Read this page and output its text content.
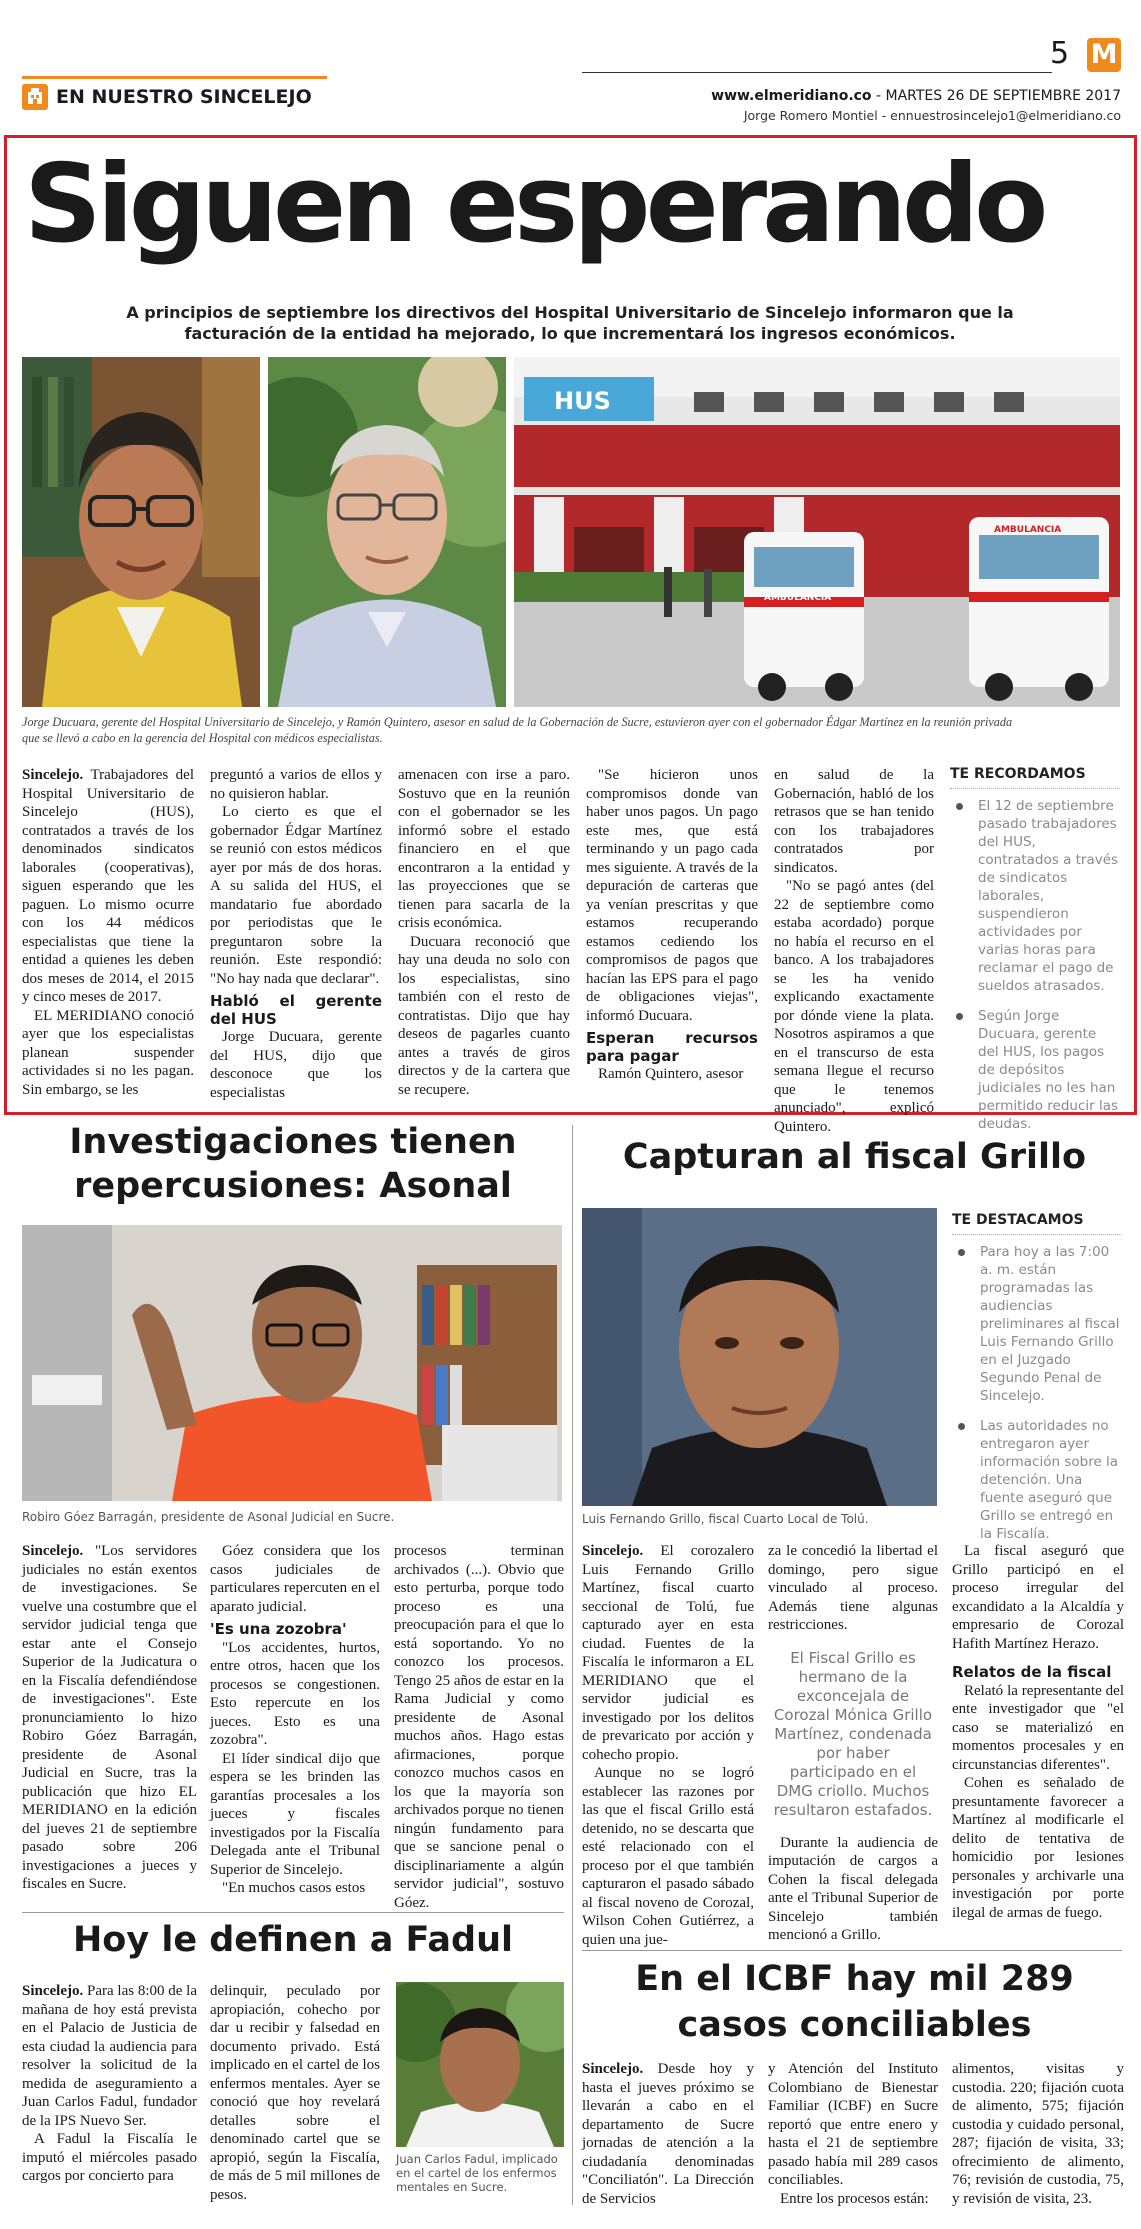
EN NUESTRO SINCELEJO
5 M
www.elmeridiano.co - MARTES 26 DE SEPTIEMBRE 2017
Jorge Romero Montiel - ennuestrosincelejo1@elmeridiano.co
Siguen esperando
A principios de septiembre los directivos del Hospital Universitario de Sincelejo informaron que la
facturación de la entidad ha mejorado, lo que incrementará los ingresos económicos.
HUS
AMBULANCIA
AMBULANCIA
Jorge Ducuara, gerente del Hospital Universitario de Sincelejo, y Ramón Quintero, asesor en salud de la Gobernación de Sucre, estuvieron ayer con el gobernador Édgar Martínez en la reunión privada
que se llevó a cabo en la gerencia del Hospital con médicos especialistas.

Sincelejo. Trabajadores del Hospital Universitario de Sincelejo (HUS), contratados a través de los denominados sindicatos laborales (cooperativas), siguen esperando que les paguen. Lo mismo ocurre con los 44 médicos especialistas que tiene la entidad a quienes les deben dos meses de 2014, el 2015 y cinco meses de 2017.

EL MERIDIANO conoció ayer que los especialistas planean suspender actividades si no les pagan. Sin embargo, se les

preguntó a varios de ellos y no quisieron hablar.

Lo cierto es que el gobernador Édgar Martínez se reunió con estos médicos ayer por más de dos horas. A su salida del HUS, el mandatario fue abordado por periodistas que le preguntaron sobre la reunión. Este respondió: "No hay nada que declarar".

Habló el gerente del HUS

Jorge Ducuara, gerente del HUS, dijo que desconoce que los especialistas

amenacen con irse a paro. Sostuvo que en la reunión con el gobernador se les informó sobre el estado financiero en el que encontraron a la entidad y las proyecciones que se tienen para sacarla de la crisis económica.

Ducuara reconoció que hay una deuda no solo con los especialistas, sino también con el resto de contratistas. Dijo que hay deseos de pagarles cuanto antes a través de giros directos y de la cartera que se recupere.

"Se hicieron unos compromisos donde van haber unos pagos. Un pago este mes, que está terminando y un pago cada mes siguiente. A través de la depuración de carteras que ya venían prescritas y que estamos recuperando estamos cediendo los compromisos de pagos que hacían las EPS para el pago de obligaciones viejas", informó Ducuara.

Esperan recursos para pagar

Ramón Quintero, asesor

en salud de la Gobernación, habló de los retrasos que se han tenido con los trabajadores contratados por sindicatos.

"No se pagó antes (del 22 de septiembre como estaba acordado) porque no había el recurso en el banco. A los trabajadores se les ha venido explicando exactamente por dónde viene la plata. Nosotros aspiramos a que en el transcurso de esta semana llegue el recurso que le tenemos anunciado", explicó Quintero.

TE RECORDAMOS
El 12 de septiembre pasado trabajadores del HUS, contratados a través de sindicatos laborales, suspendieron actividades por varias horas para reclamar el pago de sueldos atrasados.
Según Jorge Ducuara, gerente del HUS, los pagos de depósitos judiciales no les han permitido reducir las deudas.
Investigaciones tienen
repercusiones: Asonal
Robiro Góez Barragán, presidente de Asonal Judicial en Sucre.

Sincelejo. "Los servidores judiciales no están exentos de investigaciones. Se vuelve una costumbre que el servidor judicial tenga que estar ante el Consejo Superior de la Judicatura o en la Fiscalía defendiéndose de investigaciones". Este pronunciamiento lo hizo Robiro Góez Barragán, presidente de Asonal Judicial en Sucre, tras la publicación que hizo EL MERIDIANO en la edición del jueves 21 de septiembre pasado sobre 206 investigaciones a jueces y fiscales en Sucre.

Góez considera que los casos judiciales de particulares repercuten en el aparato judicial.

'Es una zozobra'

"Los accidentes, hurtos, entre otros, hacen que los procesos se congestionen. Esto repercute en los jueces. Esto es una zozobra".

El líder sindical dijo que espera se les brinden las garantías procesales a los jueces y fiscales investigados por la Fiscalía Delegada ante el Tribunal Superior de Sincelejo.

"En muchos casos estos

procesos terminan archivados (...). Obvio que esto perturba, porque todo proceso es una preocupación para el que lo está soportando. Yo no conozco los procesos. Tengo 25 años de estar en la Rama Judicial y como presidente de Asonal muchos años. Hago estas afirmaciones, porque conozco muchos casos en los que la mayoría son archivados porque no tienen ningún fundamento para que se sancione penal o disciplinariamente a algún servidor judicial", sostuvo Góez.

Capturan al fiscal Grillo
Luis Fernando Grillo, fiscal Cuarto Local de Tolú.
TE DESTACAMOS
Para hoy a las 7:00 a. m. están programadas las audiencias preliminares al fiscal Luis Fernando Grillo en el Juzgado Segundo Penal de Sincelejo.
Las autoridades no entregaron ayer información sobre la detención. Una fuente aseguró que Grillo se entregó en la Fiscalía.

Sincelejo. El corozalero Luis Fernando Grillo Martínez, fiscal cuarto seccional de Tolú, fue capturado ayer en esta ciudad. Fuentes de la Fiscalía le informaron a EL MERIDIANO que el servidor judicial es investigado por los delitos de prevaricato por acción y cohecho propio.

Aunque no se logró establecer las razones por las que el fiscal Grillo está detenido, no se descarta que esté relacionado con el proceso por el que también capturaron el pasado sábado al fiscal noveno de Corozal, Wilson Cohen Gutiérrez, a quien una jue-

za le concedió la libertad el domingo, pero sigue vinculado al proceso. Además tiene algunas restricciones.

El Fiscal Grillo es hermano de la exconcejala de Corozal Mónica Grillo Martínez, condenada por haber participado en el DMG criollo. Muchos resultaron estafados.

Durante la audiencia de imputación de cargos a Cohen la fiscal delegada ante el Tribunal Superior de Sincelejo también mencionó a Grillo.

La fiscal aseguró que Grillo participó en el proceso irregular del excandidato a la Alcaldía y empresario de Corozal Hafith Martínez Herazo.

Relatos de la fiscal

Relató la representante del ente investigador que "el caso se materializó en momentos procesales y en circunstancias diferentes".

Cohen es señalado de presuntamente favorecer a Martínez al modificarle el delito de tentativa de homicidio por lesiones personales y archivarle una investigación por porte ilegal de armas de fuego.

Hoy le definen a Fadul

Sincelejo. Para las 8:00 de la mañana de hoy está prevista en el Palacio de Justicia de esta ciudad la audiencia para resolver la solicitud de la medida de aseguramiento a Juan Carlos Fadul, fundador de la IPS Nuevo Ser.

A Fadul la Fiscalía le imputó el miércoles pasado cargos por concierto para

delinquir, peculado por apropiación, cohecho por dar u recibir y falsedad en documento privado. Está implicado en el cartel de los enfermos mentales. Ayer se conoció que hoy revelará detalles sobre el denominado cartel que se apropió, según la Fiscalía, de más de 5 mil millones de pesos.

Juan Carlos Fadul, implicado en el cartel de los enfermos mentales en Sucre.
En el ICBF hay mil 289
casos conciliables

Sincelejo. Desde hoy y hasta el jueves próximo se llevarán a cabo en el departamento de Sucre jornadas de atención a la ciudadanía denominadas "Conciliatón". La Dirección de Servicios

y Atención del Instituto Colombiano de Bienestar Familiar (ICBF) en Sucre reportó que entre enero y hasta el 21 de septiembre pasado había mil 289 casos conciliables.

Entre los procesos están:

alimentos, visitas y custodia. 220; fijación cuota de alimento, 575; fijación custodia y cuidado personal, 287; fijación de visita, 33; ofrecimiento de alimento, 76; revisión de custodia, 75, y revisión de visita, 23.
